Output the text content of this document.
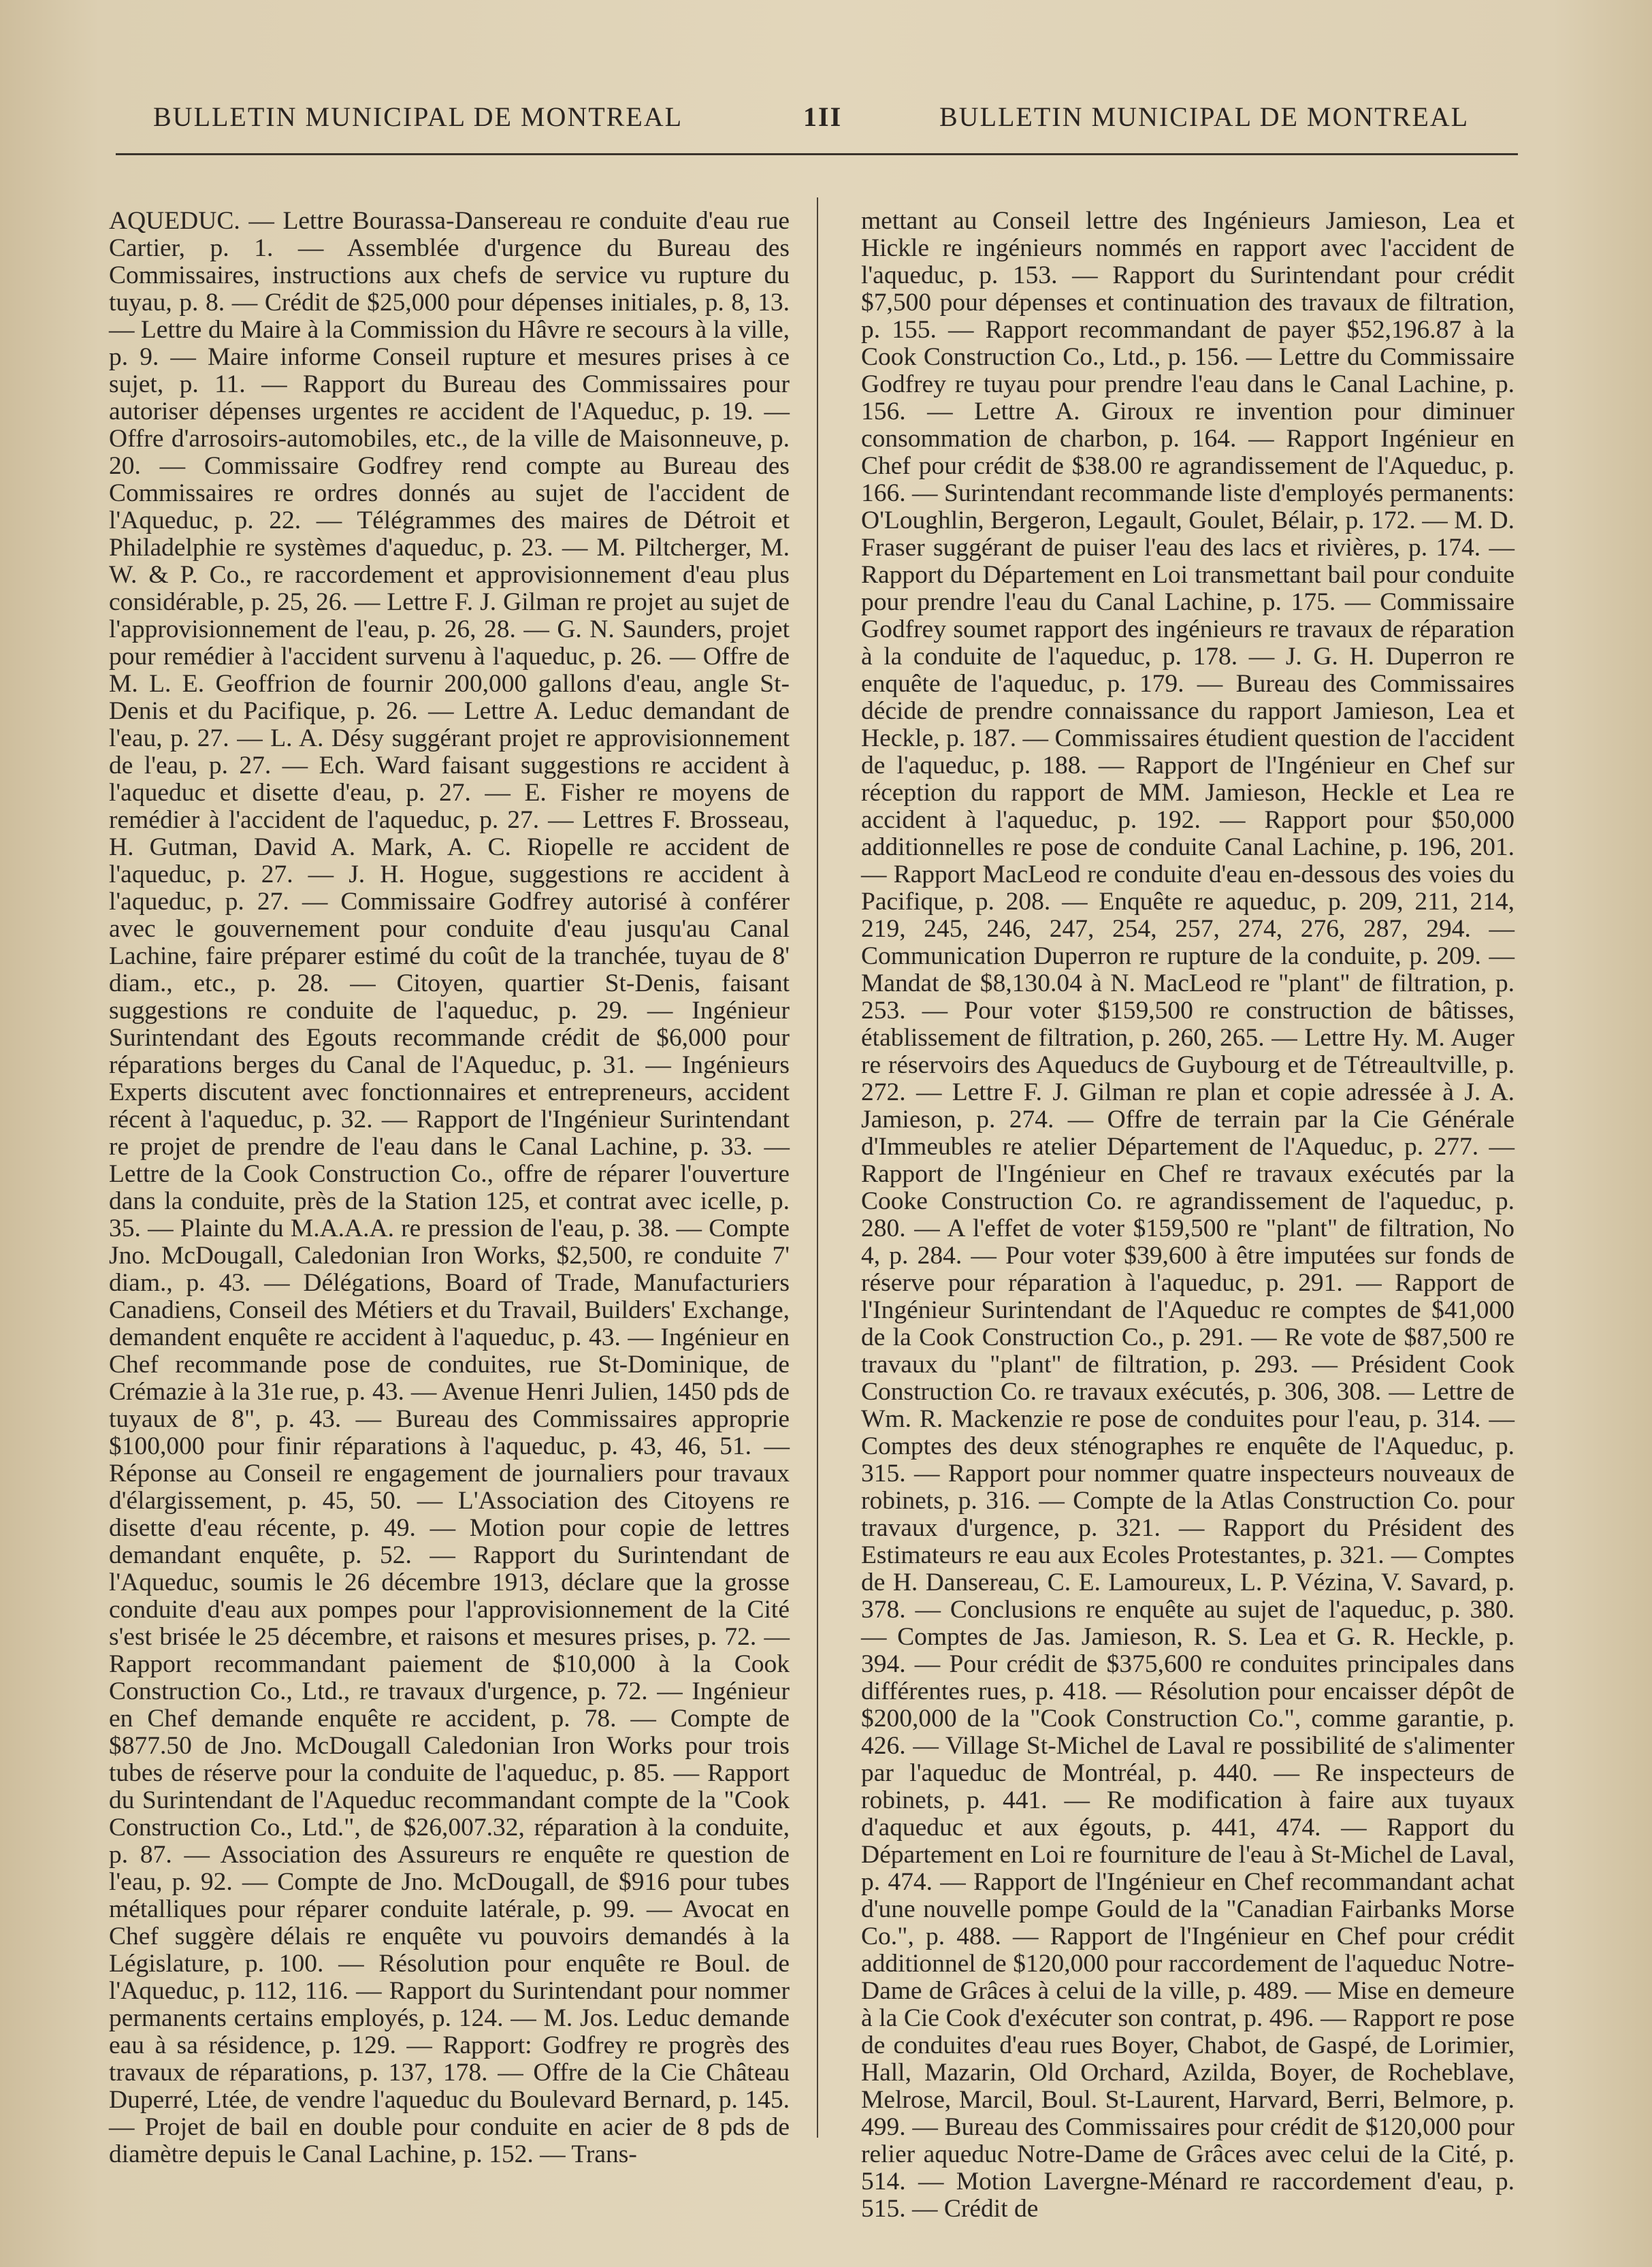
BULLETIN MUNICIPAL DE MONTREAL	1II	BULLETIN MUNICIPAL DE MONTREAL
AQUEDUC. — Lettre Bourassa-Dansereau re conduite d'eau rue Cartier, p. 1. — Assemblée d'urgence du Bureau des Commissaires, instructions aux chefs de service vu rupture du tuyau, p. 8. — Crédit de $25,000 pour dépenses initiales, p. 8, 13. — Lettre du Maire à la Commission du Hâvre re secours à la ville, p. 9. — Maire informe Conseil rupture et mesures prises à ce sujet, p. 11. — Rapport du Bureau des Commissaires pour autoriser dépenses urgentes re accident de l'Aqueduc, p. 19. — Offre d'arrosoirs-automobiles, etc., de la ville de Maisonneuve, p. 20. — Commissaire Godfrey rend compte au Bureau des Commissaires re ordres donnés au sujet de l'accident de l'Aqueduc, p. 22. — Télégrammes des maires de Détroit et Philadelphie re systèmes d'aqueduc, p. 23. — M. Piltcherger, M. W. & P. Co., re raccordement et approvisionnement d'eau plus considérable, p. 25, 26. — Lettre F. J. Gilman re projet au sujet de l'approvisionnement de l'eau, p. 26, 28. — G. N. Saunders, projet pour remédier à l'accident survenu à l'aqueduc, p. 26. — Offre de M. L. E. Geoffrion de fournir 200,000 gallons d'eau, angle St-Denis et du Pacifique, p. 26. — Lettre A. Leduc demandant de l'eau, p. 27. — L. A. Désy suggérant projet re approvisionnement de l'eau, p. 27. — Ech. Ward faisant suggestions re accident à l'aqueduc et disette d'eau, p. 27. — E. Fisher re moyens de remédier à l'accident de l'aqueduc, p. 27. — Lettres F. Brosseau, H. Gutman, David A. Mark, A. C. Riopelle re accident de l'aqueduc, p. 27. — J. H. Hogue, suggestions re accident à l'aqueduc, p. 27. — Commissaire Godfrey autorisé à conférer avec le gouvernement pour conduite d'eau jusqu'au Canal Lachine, faire préparer estimé du coût de la tranchée, tuyau de 8' diam., etc., p. 28. — Citoyen, quartier St-Denis, faisant suggestions re conduite de l'aqueduc, p. 29. — Ingénieur Surintendant des Egouts recommande crédit de $6,000 pour réparations berges du Canal de l'Aqueduc, p. 31. — Ingénieurs Experts discutent avec fonctionnaires et entrepreneurs, accident récent à l'aqueduc, p. 32. — Rapport de l'Ingénieur Surintendant re projet de prendre de l'eau dans le Canal Lachine, p. 33. — Lettre de la Cook Construction Co., offre de réparer l'ouverture dans la conduite, près de la Station 125, et contrat avec icelle, p. 35. — Plainte du M.A.A.A. re pression de l'eau, p. 38. — Compte Jno. McDougall, Caledonian Iron Works, $2,500, re conduite 7' diam., p. 43. — Délégations, Board of Trade, Manufacturiers Canadiens, Conseil des Métiers et du Travail, Builders' Exchange, demandent enquête re accident à l'aqueduc, p. 43. — Ingénieur en Chef recommande pose de conduites, rue St-Dominique, de Crémazie à la 31e rue, p. 43. — Avenue Henri Julien, 1450 pds de tuyaux de 8", p. 43. — Bureau des Commissaires approprie $100,000 pour finir réparations à l'aqueduc, p. 43, 46, 51. — Réponse au Conseil re engagement de journaliers pour travaux d'élargissement, p. 45, 50. — L'Association des Citoyens re disette d'eau récente, p. 49. — Motion pour copie de lettres demandant enquête, p. 52. — Rapport du Surintendant de l'Aqueduc, soumis le 26 décembre 1913, déclare que la grosse conduite d'eau aux pompes pour l'approvisionnement de la Cité s'est brisée le 25 décembre, et raisons et mesures prises, p. 72. — Rapport recommandant paiement de $10,000 à la Cook Construction Co., Ltd., re travaux d'urgence, p. 72. — Ingénieur en Chef demande enquête re accident, p. 78. — Compte de $877.50 de Jno. McDougall Caledonian Iron Works pour trois tubes de réserve pour la conduite de l'aqueduc, p. 85. — Rapport du Surintendant de l'Aqueduc recommandant compte de la "Cook Construction Co., Ltd.", de $26,007.32, réparation à la conduite, p. 87. — Association des Assureurs re enquête re question de l'eau, p. 92. — Compte de Jno. McDougall, de $916 pour tubes métalliques pour réparer conduite latérale, p. 99. — Avocat en Chef suggère délais re enquête vu pouvoirs demandés à la Législature, p. 100. — Résolution pour enquête re Boul. de l'Aqueduc, p. 112, 116. — Rapport du Surintendant pour nommer permanents certains employés, p. 124. — M. Jos. Leduc demande eau à sa résidence, p. 129. — Rapport: Godfrey re progrès des travaux de réparations, p. 137, 178. — Offre de la Cie Château Duperré, Ltée, de vendre l'aqueduc du Boulevard Bernard, p. 145. — Projet de bail en double pour conduite en acier de 8 pds de diamètre depuis le Canal Lachine, p. 152. — Trans-
mettant au Conseil lettre des Ingénieurs Jamieson, Lea et Hickle re ingénieurs nommés en rapport avec l'accident de l'aqueduc, p. 153. — Rapport du Surintendant pour crédit $7,500 pour dépenses et continuation des travaux de filtration, p. 155. — Rapport recommandant de payer $52,196.87 à la Cook Construction Co., Ltd., p. 156. — Lettre du Commissaire Godfrey re tuyau pour prendre l'eau dans le Canal Lachine, p. 156. — Lettre A. Giroux re invention pour diminuer consommation de charbon, p. 164. — Rapport Ingénieur en Chef pour crédit de $38.00 re agrandissement de l'Aqueduc, p. 166. — Surintendant recommande liste d'employés permanents: O'Loughlin, Bergeron, Legault, Goulet, Bélair, p. 172. — M. D. Fraser suggérant de puiser l'eau des lacs et rivières, p. 174. — Rapport du Département en Loi transmettant bail pour conduite pour prendre l'eau du Canal Lachine, p. 175. — Commissaire Godfrey soumet rapport des ingénieurs re travaux de réparation à la conduite de l'aqueduc, p. 178. — J. G. H. Duperron re enquête de l'aqueduc, p. 179. — Bureau des Commissaires décide de prendre connaissance du rapport Jamieson, Lea et Heckle, p. 187. — Commissaires étudient question de l'accident de l'aqueduc, p. 188. — Rapport de l'Ingénieur en Chef sur réception du rapport de MM. Jamieson, Heckle et Lea re accident à l'aqueduc, p. 192. — Rapport pour $50,000 additionnelles re pose de conduite Canal Lachine, p. 196, 201. — Rapport MacLeod re conduite d'eau en-dessous des voies du Pacifique, p. 208. — Enquête re aqueduc, p. 209, 211, 214, 219, 245, 246, 247, 254, 257, 274, 276, 287, 294. — Communication Duperron re rupture de la conduite, p. 209. — Mandat de $8,130.04 à N. MacLeod re "plant" de filtration, p. 253. — Pour voter $159,500 re construction de bâtisses, établissement de filtration, p. 260, 265. — Lettre Hy. M. Auger re réservoirs des Aqueducs de Guybourg et de Tétreaultville, p. 272. — Lettre F. J. Gilman re plan et copie adressée à J. A. Jamieson, p. 274. — Offre de terrain par la Cie Générale d'Immeubles re atelier Département de l'Aqueduc, p. 277. — Rapport de l'Ingénieur en Chef re travaux exécutés par la Cooke Construction Co. re agrandissement de l'aqueduc, p. 280. — A l'effet de voter $159,500 re "plant" de filtration, No 4, p. 284. — Pour voter $39,600 à être imputées sur fonds de réserve pour réparation à l'aqueduc, p. 291. — Rapport de l'Ingénieur Surintendant de l'Aqueduc re comptes de $41,000 de la Cook Construction Co., p. 291. — Re vote de $87,500 re travaux du "plant" de filtration, p. 293. — Président Cook Construction Co. re travaux exécutés, p. 306, 308. — Lettre de Wm. R. Mackenzie re pose de conduites pour l'eau, p. 314. — Comptes des deux sténographes re enquête de l'Aqueduc, p. 315. — Rapport pour nommer quatre inspecteurs nouveaux de robinets, p. 316. — Compte de la Atlas Construction Co. pour travaux d'urgence, p. 321. — Rapport du Président des Estimateurs re eau aux Ecoles Protestantes, p. 321. — Comptes de H. Dansereau, C. E. Lamoureux, L. P. Vézina, V. Savard, p. 378. — Conclusions re enquête au sujet de l'aqueduc, p. 380. — Comptes de Jas. Jamieson, R. S. Lea et G. R. Heckle, p. 394. — Pour crédit de $375,600 re conduites principales dans différentes rues, p. 418. — Résolution pour encaisser dépôt de $200,000 de la "Cook Construction Co.", comme garantie, p. 426. — Village St-Michel de Laval re possibilité de s'alimenter par l'aqueduc de Montréal, p. 440. — Re inspecteurs de robinets, p. 441. — Re modification à faire aux tuyaux d'aqueduc et aux égouts, p. 441, 474. — Rapport du Département en Loi re fourniture de l'eau à St-Michel de Laval, p. 474. — Rapport de l'Ingénieur en Chef recommandant achat d'une nouvelle pompe Gould de la "Canadian Fairbanks Morse Co.", p. 488. — Rapport de l'Ingénieur en Chef pour crédit additionnel de $120,000 pour raccordement de l'aqueduc Notre-Dame de Grâces à celui de la ville, p. 489. — Mise en demeure à la Cie Cook d'exécuter son contrat, p. 496. — Rapport re pose de conduites d'eau rues Boyer, Chabot, de Gaspé, de Lorimier, Hall, Mazarin, Old Orchard, Azilda, Boyer, de Rocheblave, Melrose, Marcil, Boul. St-Laurent, Harvard, Berri, Belmore, p. 499. — Bureau des Commissaires pour crédit de $120,000 pour relier aqueduc Notre-Dame de Grâces avec celui de la Cité, p. 514. — Motion Lavergne-Ménard re raccordement d'eau, p. 515. — Crédit de
